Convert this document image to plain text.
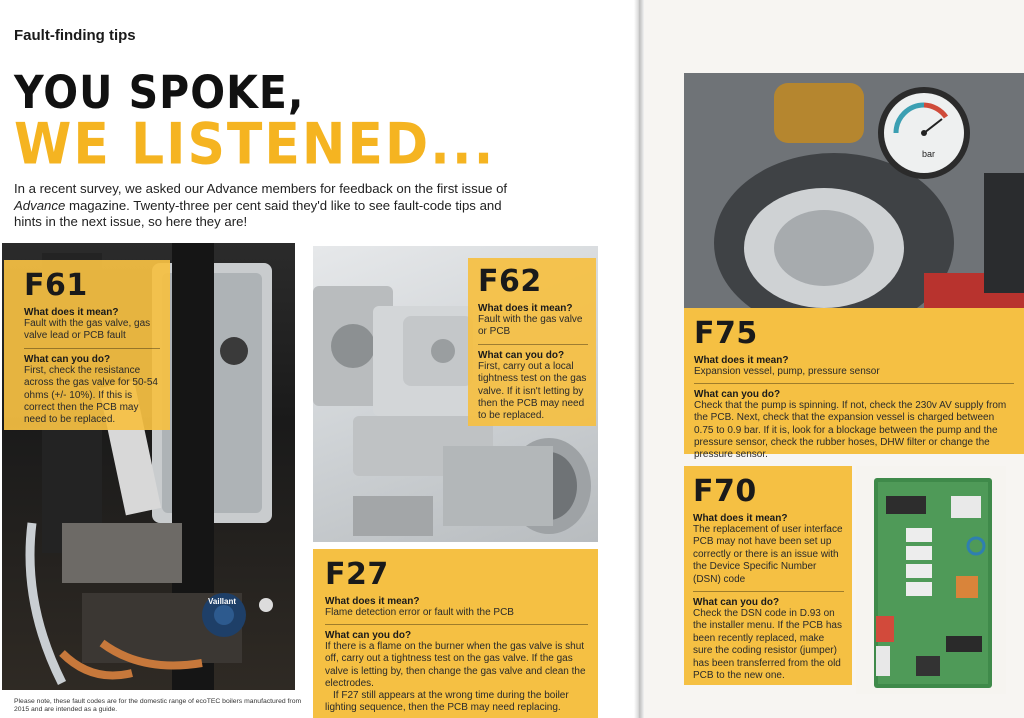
Fault-finding tips
YOU SPOKE,
WE LISTENED...

In a recent survey, we asked our Advance members for feedback on the first issue of Advance magazine. Twenty-three per cent said they'd like to see fault-code tips and hints in the next issue, so here they are!

Vaillant
F61
What does it mean?
Fault with the gas valve, gas valve lead or PCB fault
What can you do?
First, check the resistance across the gas valve for 50-54 ohms (+/- 10%). If this is correct then the PCB may need to be replaced.
F62
What does it mean?
Fault with the gas valve or PCB
What can you do?
First, carry out a local tightness test on the gas valve. If it isn't letting by then the PCB may need to be replaced.
F27
What does it mean?
Flame detection error or fault with the PCB
What can you do?
If there is a flame on the burner when the gas valve is shut off, carry out a tightness test on the gas valve. If the gas valve is letting by, then change the gas valve and clean the electrodes.
If F27 still appears at the wrong time during the boiler lighting sequence, then the PCB may need replacing.
Please note, these fault codes are for the domestic range of ecoTEC boilers manufactured from 2015 and are intended as a guide.
bar
F75
What does it mean?
Expansion vessel, pump, pressure sensor
What can you do?
Check that the pump is spinning. If not, check the 230v AV supply from the PCB. Next, check that the expansion vessel is charged between 0.75 to 0.9 bar. If it is, look for a blockage between the pump and the pressure sensor, check the rubber hoses, DHW filter or change the pressure sensor.
F70
What does it mean?
The replacement of user interface PCB may not have been set up correctly or there is an issue with the Device Specific Number (DSN) code
What can you do?
Check the DSN code in D.93 on the installer menu. If the PCB has been recently replaced, make sure the coding resistor (jumper) has been transferred from the old PCB to the new one.
